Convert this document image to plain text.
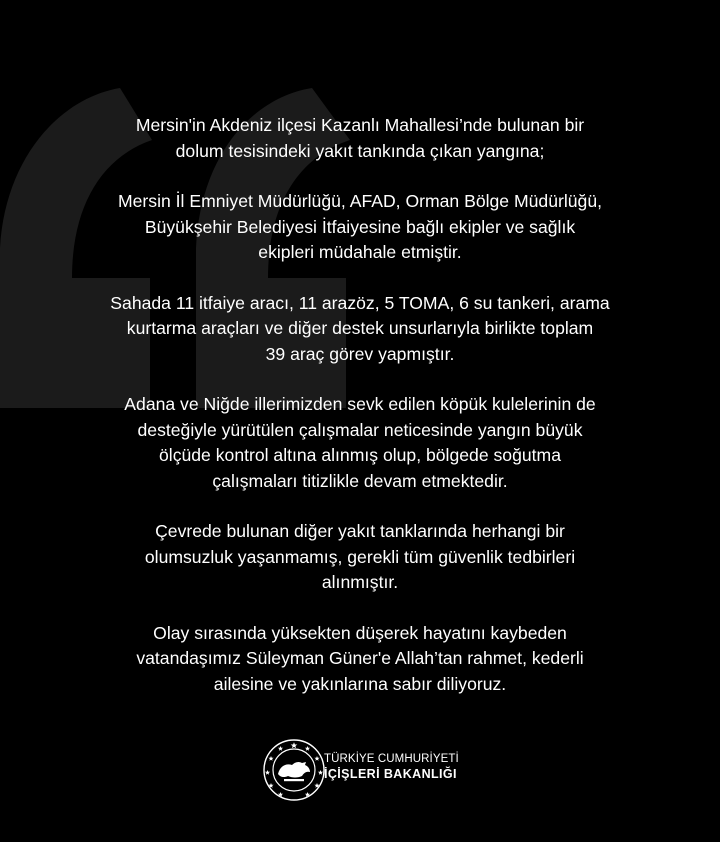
Mersin'in Akdeniz ilçesi Kazanlı Mahallesi’nde bulunan bir
dolum tesisindeki yakıt tankında çıkan yangına;

Mersin İl Emniyet Müdürlüğü, AFAD, Orman Bölge Müdürlüğü,
Büyükşehir Belediyesi İtfaiyesine bağlı ekipler ve sağlık
ekipleri müdahale etmiştir.

Sahada 11 itfaiye aracı, 11 arazöz, 5 TOMA, 6 su tankeri, arama
kurtarma araçları ve diğer destek unsurlarıyla birlikte toplam
39 araç görev yapmıştır.

Adana ve Niğde illerimizden sevk edilen köpük kulelerinin de
desteğiyle yürütülen çalışmalar neticesinde yangın büyük
ölçüde kontrol altına alınmış olup, bölgede soğutma
çalışmaları titizlikle devam etmektedir.

Çevrede bulunan diğer yakıt tanklarında herhangi bir
olumsuzluk yaşanmamış, gerekli tüm güvenlik tedbirleri
alınmıştır.

Olay sırasında yüksekten düşerek hayatını kaybeden
vatandaşımız Süleyman Güner'e Allah’tan rahmet, kederli
ailesine ve yakınlarına sabır diliyoruz.

TÜRKİYE CUMHURİYETİ
İÇİŞLERİ BAKANLIĞI
